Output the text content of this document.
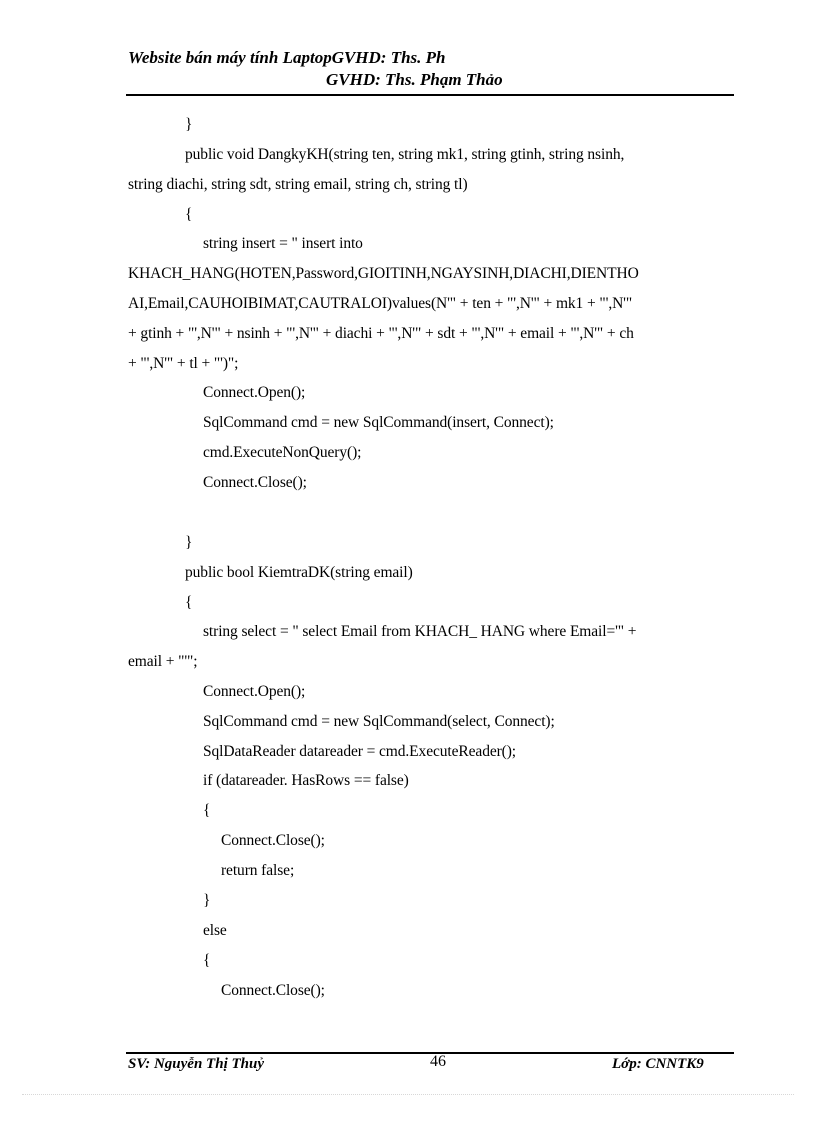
Website bán máy tính LaptopGVHD: Ths. Ph
GVHD: Ths. Phạm Thảo
}
public void DangkyKH(string ten, string mk1, string gtinh, string nsinh,
string diachi, string sdt, string email, string ch, string tl)
{
string insert = " insert into
KHACH_HANG(HOTEN,Password,GIOITINH,NGAYSINH,DIACHI,DIENTHO
AI,Email,CAUHOIBIMAT,CAUTRALOI)values(N'" + ten + "',N'" + mk1 + "',N'"
+ gtinh + "',N'" + nsinh + "',N'" + diachi + "',N'" + sdt + "',N'" + email + "',N'" + ch
+ "',N'" + tl + "')";
Connect.Open();
SqlCommand cmd = new SqlCommand(insert, Connect);
cmd.ExecuteNonQuery();
Connect.Close();
}
public bool KiemtraDK(string email)
{
string select = " select Email from KHACH_ HANG where Email='" +
email + "'";
Connect.Open();
SqlCommand cmd = new SqlCommand(select, Connect);
SqlDataReader datareader = cmd.ExecuteReader();
if (datareader. HasRows == false)
{
Connect.Close();
return false;
}
else
{
Connect.Close();
SV: Nguyễn Thị Thuỷ	46	Lớp: CNNTK9
